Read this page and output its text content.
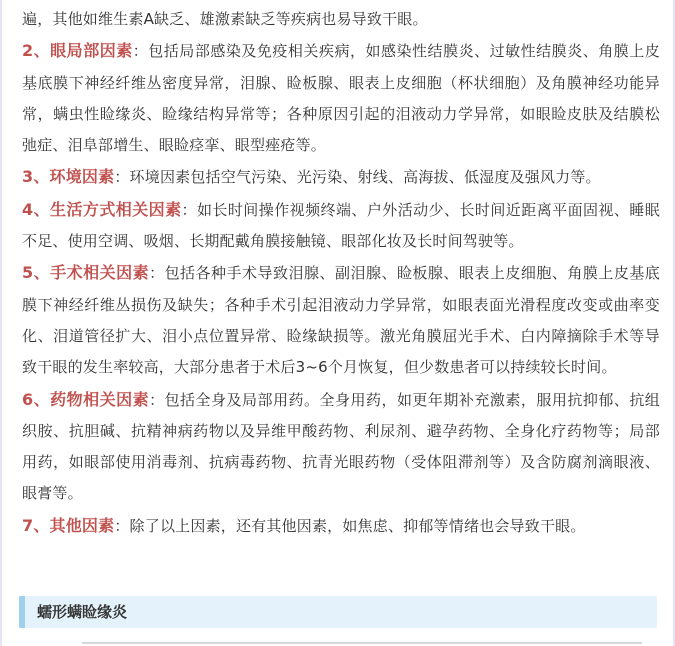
遍，其他如维生素A缺乏、雄激素缺乏等疾病也易导致干眼。

2、眼局部因素：包括局部感染及免疫相关疾病，如感染性结膜炎、过敏性结膜炎、角膜上皮基底膜下神经纤维丛密度异常，泪腺、睑板腺、眼表上皮细胞（杯状细胞）及角膜神经功能异常，螨虫性睑缘炎、睑缘结构异常等；各种原因引起的泪液动力学异常，如眼睑皮肤及结膜松弛症、泪阜部增生、眼睑痉挛、眼型痤疮等。

3、环境因素：环境因素包括空气污染、光污染、射线、高海拔、低湿度及强风力等。

4、生活方式相关因素：如长时间操作视频终端、户外活动少、长时间近距离平面固视、睡眠不足、使用空调、吸烟、长期配戴角膜接触镜、眼部化妆及长时间驾驶等。

5、手术相关因素：包括各种手术导致泪腺、副泪腺、睑板腺、眼表上皮细胞、角膜上皮基底膜下神经纤维丛损伤及缺失；各种手术引起泪液动力学异常，如眼表面光滑程度改变或曲率变化、泪道管径扩大、泪小点位置异常、睑缘缺损等。激光角膜屈光手术、白内障摘除手术等导致干眼的发生率较高，大部分患者于术后3~6个月恢复，但少数患者可以持续较长时间。

6、药物相关因素：包括全身及局部用药。全身用药，如更年期补充激素，服用抗抑郁、抗组织胺、抗胆碱、抗精神病药物以及异维甲酸药物、利尿剂、避孕药物、全身化疗药物等；局部用药，如眼部使用消毒剂、抗病毒药物、抗青光眼药物（受体阻滞剂等）及含防腐剂滴眼液、眼膏等。

7、其他因素：除了以上因素，还有其他因素，如焦虑、抑郁等情绪也会导致干眼。

蠕形螨睑缘炎
